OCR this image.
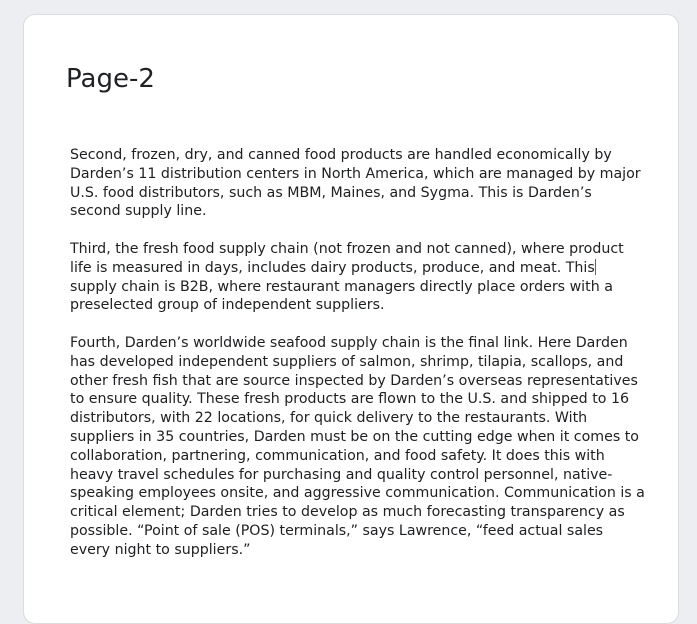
Page-2

Second, frozen, dry, and canned food products are handled economically by
Darden’s 11 distribution centers in North America, which are managed by major
U.S. food distributors, such as MBM, Maines, and Sygma. This is Darden’s
second supply line.

Third, the fresh food supply chain (not frozen and not canned), where product
life is measured in days, includes dairy products, produce, and meat. This
supply chain is B2B, where restaurant managers directly place orders with a
preselected group of independent suppliers.

Fourth, Darden’s worldwide seafood supply chain is the final link. Here Darden
has developed independent suppliers of salmon, shrimp, tilapia, scallops, and
other fresh fish that are source inspected by Darden’s overseas representatives
to ensure quality. These fresh products are flown to the U.S. and shipped to 16
distributors, with 22 locations, for quick delivery to the restaurants. With
suppliers in 35 countries, Darden must be on the cutting edge when it comes to
collaboration, partnering, communication, and food safety. It does this with
heavy travel schedules for purchasing and quality control personnel, native-
speaking employees onsite, and aggressive communication. Communication is a
critical element; Darden tries to develop as much forecasting transparency as
possible. “Point of sale (POS) terminals,” says Lawrence, “feed actual sales
every night to suppliers.”
